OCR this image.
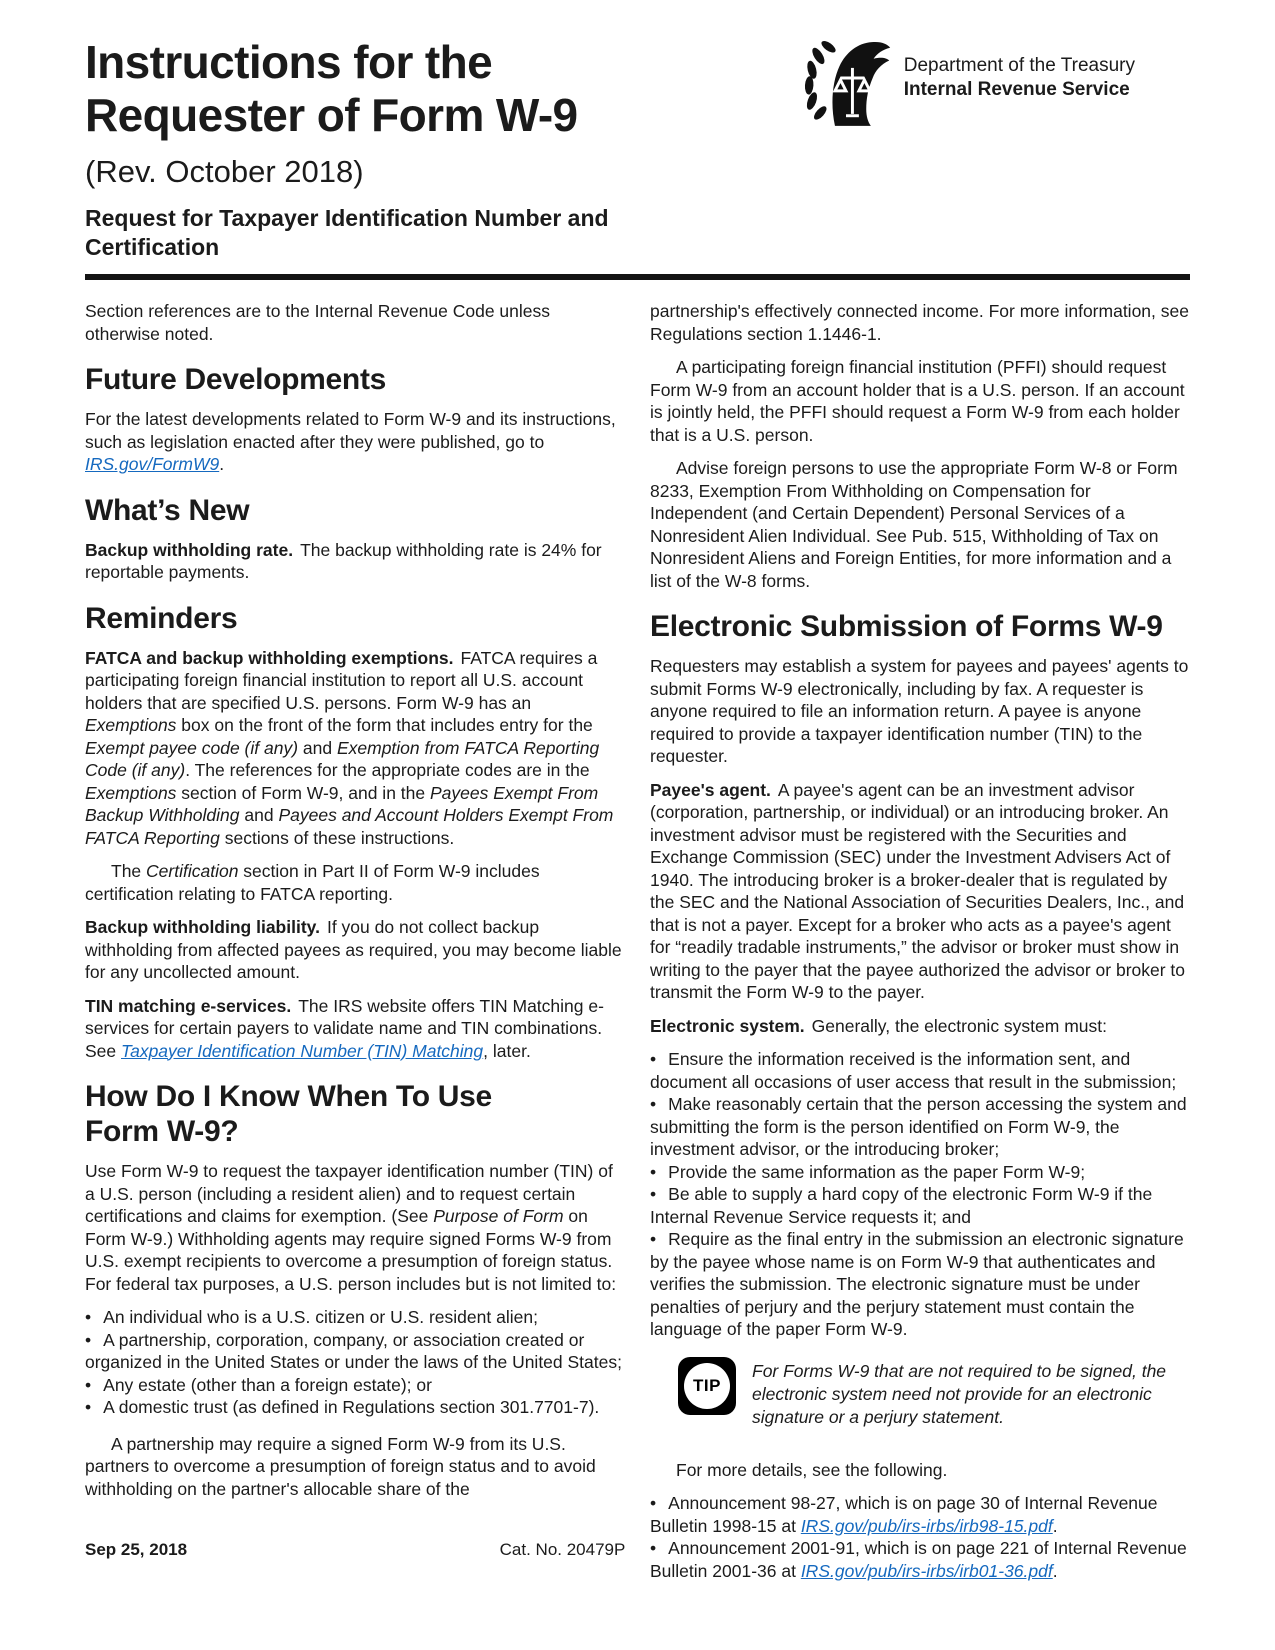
Instructions for the
Requester of Form W-9
(Rev. October 2018)
Request for Taxpayer Identification Number and Certification
Department of the Treasury
Internal Revenue Service

Section references are to the Internal Revenue Code unless otherwise noted.

Future Developments

For the latest developments related to Form W-9 and its instructions, such as legislation enacted after they were published, go to IRS.gov/FormW9.

What’s New

Backup withholding rate. The backup withholding rate is 24% for reportable payments.

Reminders

FATCA and backup withholding exemptions. FATCA requires a participating foreign financial institution to report all U.S. account holders that are specified U.S. persons. Form W-9 has an Exemptions box on the front of the form that includes entry for the Exempt payee code (if any) and Exemption from FATCA Reporting Code (if any). The references for the appropriate codes are in the Exemptions section of Form W-9, and in the Payees Exempt From Backup Withholding and Payees and Account Holders Exempt From FATCA Reporting sections of these instructions.

The Certification section in Part II of Form W-9 includes certification relating to FATCA reporting.

Backup withholding liability. If you do not collect backup withholding from affected payees as required, you may become liable for any uncollected amount.

TIN matching e-services. The IRS website offers TIN Matching e-services for certain payers to validate name and TIN combinations. See Taxpayer Identification Number (TIN) Matching, later.

How Do I Know When To Use Form W-9?

Use Form W-9 to request the taxpayer identification number (TIN) of a U.S. person (including a resident alien) and to request certain certifications and claims for exemption. (See Purpose of Form on Form W-9.) Withholding agents may require signed Forms W-9 from U.S. exempt recipients to overcome a presumption of foreign status. For federal tax purposes, a U.S. person includes but is not limited to:

• An individual who is a U.S. citizen or U.S. resident alien;

• A partnership, corporation, company, or association created or organized in the United States or under the laws of the United States;

• Any estate (other than a foreign estate); or

• A domestic trust (as defined in Regulations section 301.7701-7).

A partnership may require a signed Form W-9 from its U.S. partners to overcome a presumption of foreign status and to avoid withholding on the partner's allocable share of the

partnership's effectively connected income. For more information, see Regulations section 1.1446-1.

A participating foreign financial institution (PFFI) should request Form W-9 from an account holder that is a U.S. person. If an account is jointly held, the PFFI should request a Form W-9 from each holder that is a U.S. person.

Advise foreign persons to use the appropriate Form W-8 or Form 8233, Exemption From Withholding on Compensation for Independent (and Certain Dependent) Personal Services of a Nonresident Alien Individual. See Pub. 515, Withholding of Tax on Nonresident Aliens and Foreign Entities, for more information and a list of the W-8 forms.

Electronic Submission of Forms W-9

Requesters may establish a system for payees and payees' agents to submit Forms W-9 electronically, including by fax. A requester is anyone required to file an information return. A payee is anyone required to provide a taxpayer identification number (TIN) to the requester.

Payee's agent. A payee's agent can be an investment advisor (corporation, partnership, or individual) or an introducing broker. An investment advisor must be registered with the Securities and Exchange Commission (SEC) under the Investment Advisers Act of 1940. The introducing broker is a broker-dealer that is regulated by the SEC and the National Association of Securities Dealers, Inc., and that is not a payer. Except for a broker who acts as a payee's agent for “readily tradable instruments,” the advisor or broker must show in writing to the payer that the payee authorized the advisor or broker to transmit the Form W-9 to the payer.

Electronic system. Generally, the electronic system must:

• Ensure the information received is the information sent, and document all occasions of user access that result in the submission;

• Make reasonably certain that the person accessing the system and submitting the form is the person identified on Form W-9, the investment advisor, or the introducing broker;

• Provide the same information as the paper Form W-9;

• Be able to supply a hard copy of the electronic Form W-9 if the Internal Revenue Service requests it; and

• Require as the final entry in the submission an electronic signature by the payee whose name is on Form W-9 that authenticates and verifies the submission. The electronic signature must be under penalties of perjury and the perjury statement must contain the language of the paper Form W-9.

TIP
For Forms W-9 that are not required to be signed, the electronic system need not provide for an electronic signature or a perjury statement.

For more details, see the following.

• Announcement 98-27, which is on page 30 of Internal Revenue Bulletin 1998-15 at IRS.gov/pub/irs-irbs/irb98-15.pdf.

• Announcement 2001-91, which is on page 221 of Internal Revenue Bulletin 2001-36 at IRS.gov/pub/irs-irbs/irb01-36.pdf.

Sep 25, 2018	Cat. No. 20479P
